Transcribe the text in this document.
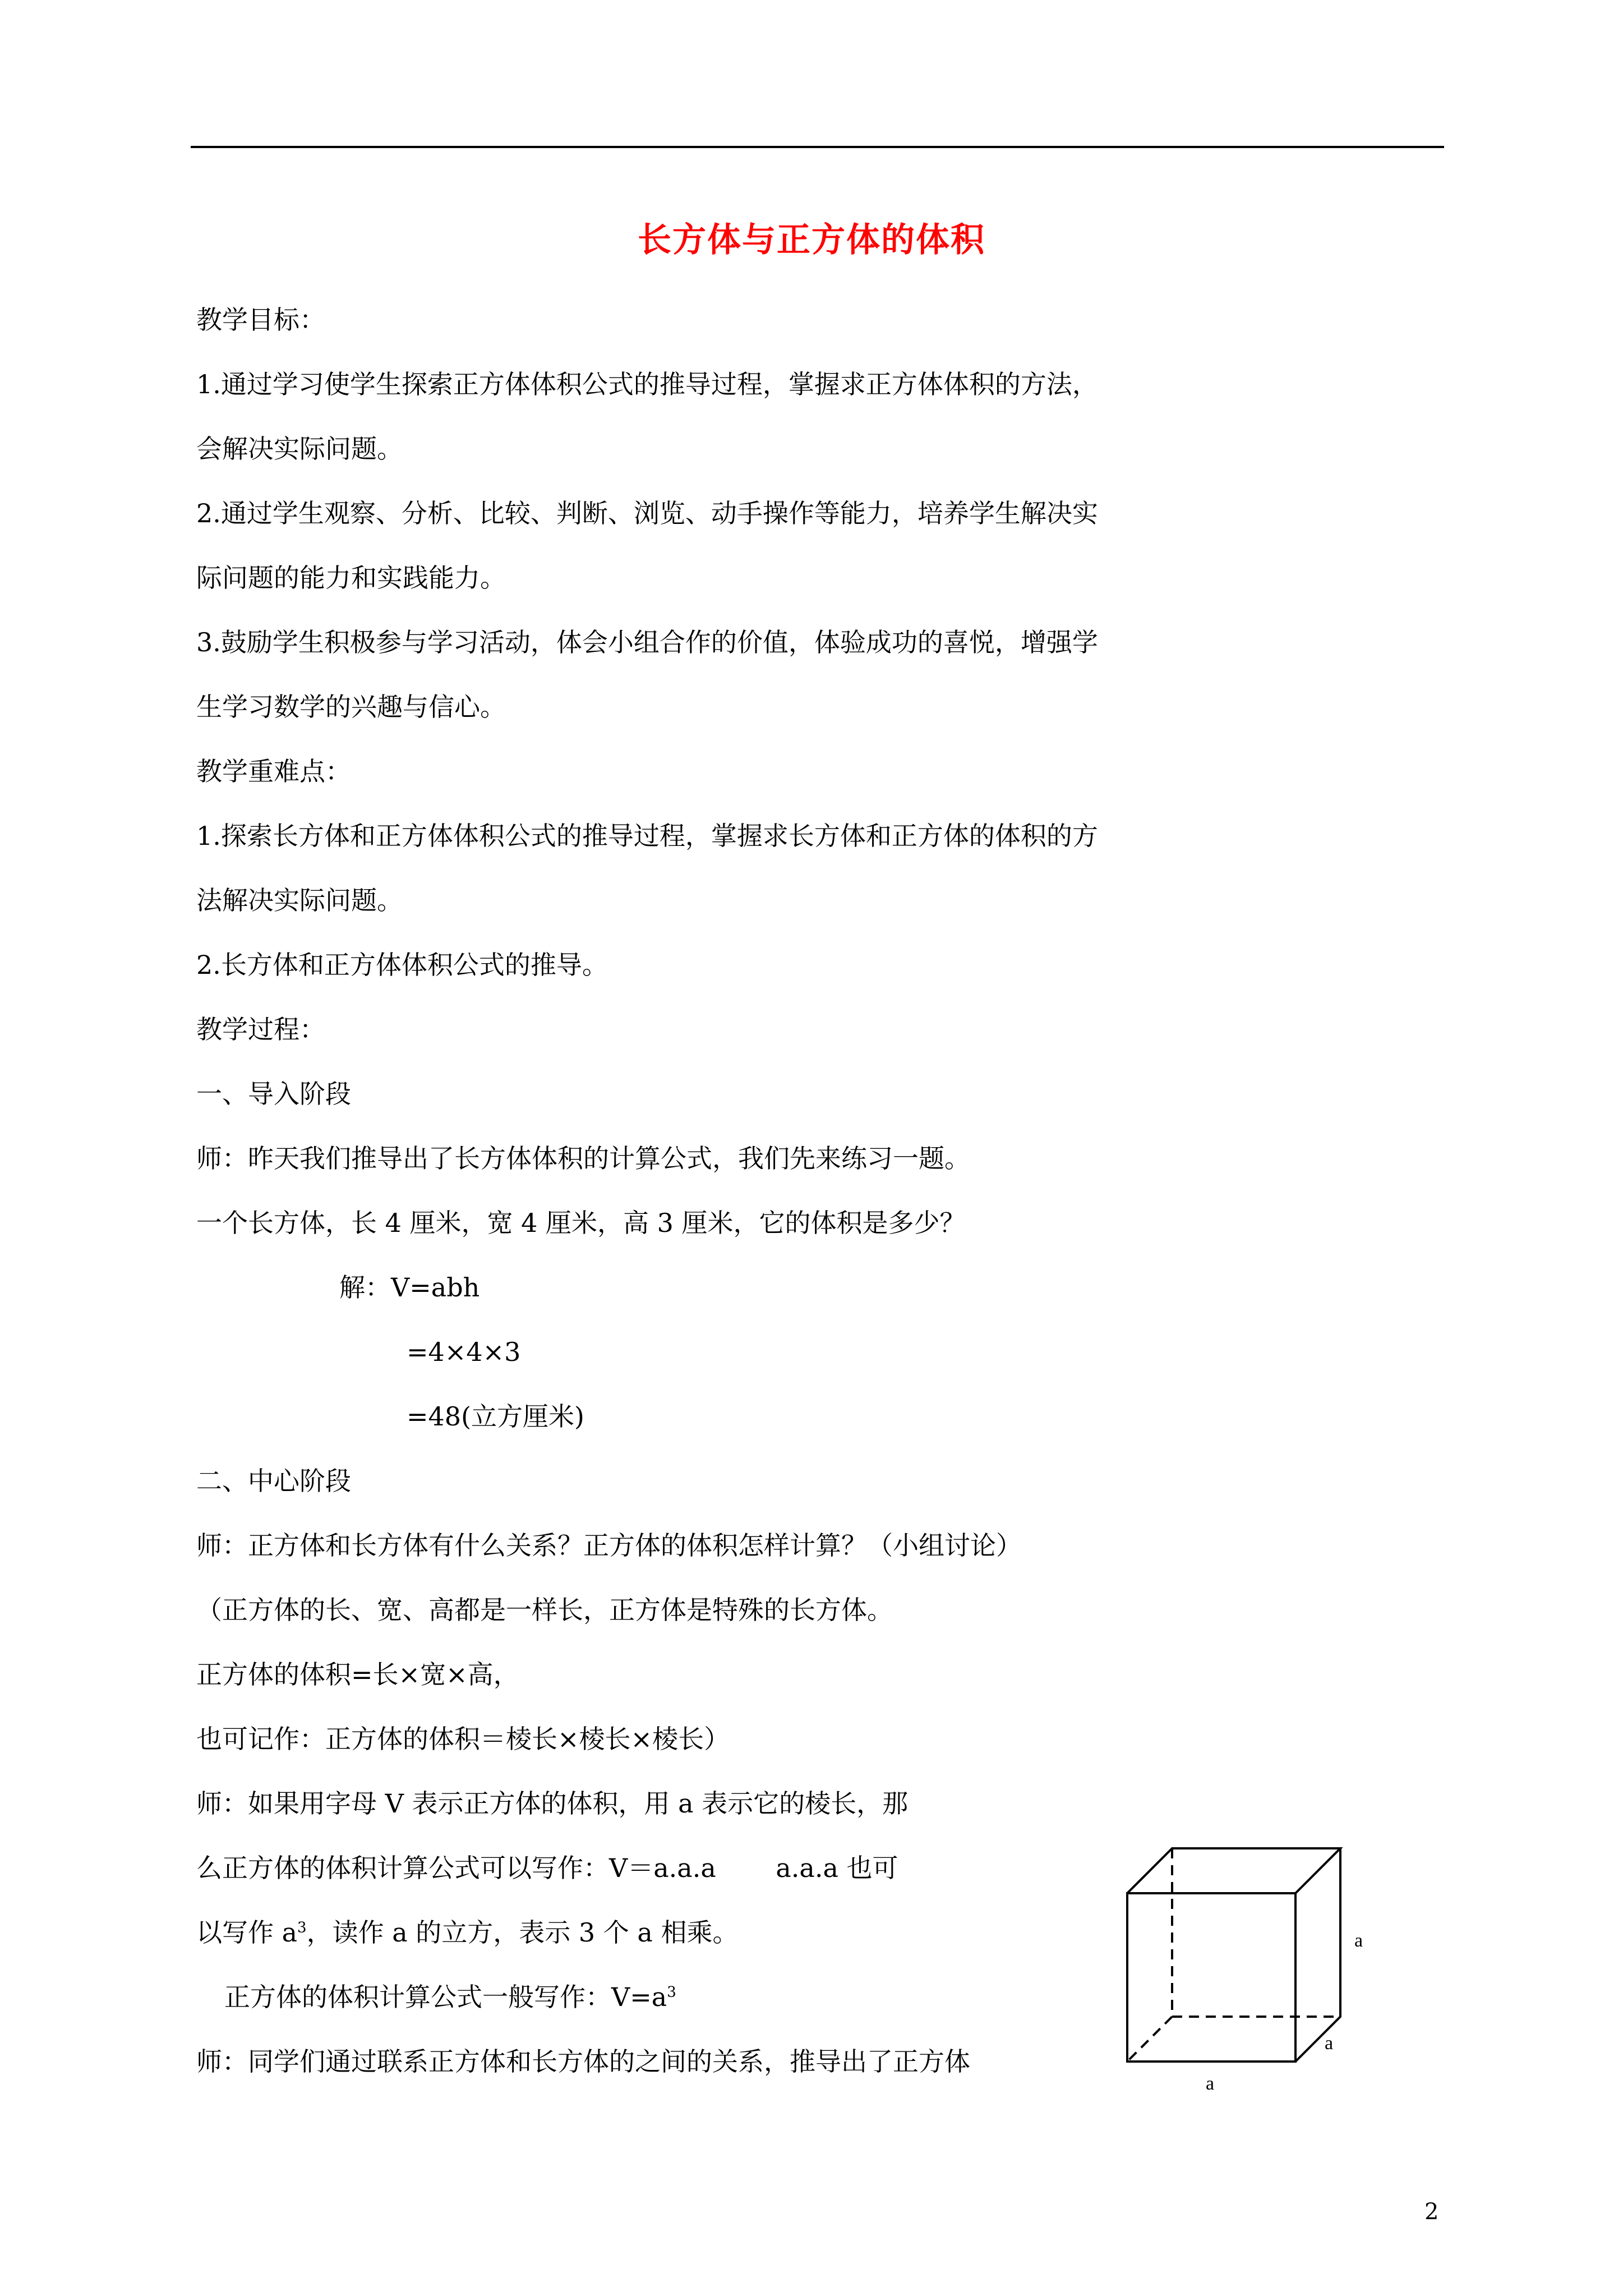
长方体与正方体的体积
教学目标：
1.通过学习使学生探索正方体体积公式的推导过程，掌握求正方体体积的方法，
会解决实际问题。
2.通过学生观察、分析、比较、判断、浏览、动手操作等能力，培养学生解决实
际问题的能力和实践能力。
3.鼓励学生积极参与学习活动，体会小组合作的价值，体验成功的喜悦，增强学
生学习数学的兴趣与信心。
教学重难点：
1.探索长方体和正方体体积公式的推导过程，掌握求长方体和正方体的体积的方
法解决实际问题。
2.长方体和正方体体积公式的推导。
教学过程：
一、导入阶段
师：昨天我们推导出了长方体体积的计算公式，我们先来练习一题。
一个长方体，长 4 厘米，宽 4 厘米，高 3 厘米，它的体积是多少？
解：V=abh
=4×4×3
=48(立方厘米)
二、中心阶段
师：正方体和长方体有什么关系？正方体的体积怎样计算？（小组讨论）
（正方体的长、宽、高都是一样长，正方体是特殊的长方体。
正方体的体积=长×宽×高，
也可记作：正方体的体积＝棱长×棱长×棱长）
师：如果用字母 V 表示正方体的体积，用 a 表示它的棱长，那
么正方体的体积计算公式可以写作：V＝a.a.a　　 a.a.a 也可
以写作 $a^3$，读作 a 的立方，表示 3 个 a 相乘。
正方体的体积计算公式一般写作：$V=a^3$
师：同学们通过联系正方体和长方体的之间的关系，推导出了正方体
a
a
a
2
